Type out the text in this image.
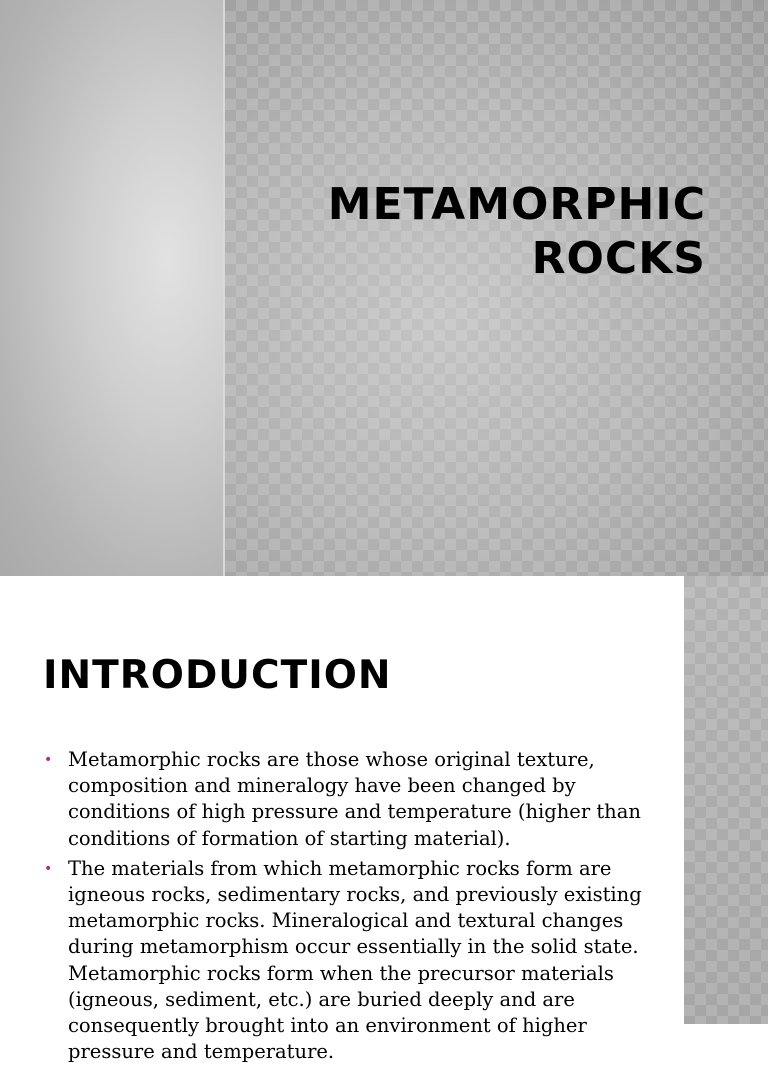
METAMORPHIC
ROCKS
INTRODUCTION
• Metamorphic rocks are those whose original texture, composition and mineralogy have been changed by conditions of high pressure and temperature (higher than conditions of formation of starting material).
• The materials from which metamorphic rocks form are igneous rocks, sedimentary rocks, and previously existing metamorphic rocks. Mineralogical and textural changes during metamorphism occur essentially in the solid state. Metamorphic rocks form when the precursor materials (igneous, sediment, etc.) are buried deeply and are consequently brought into an environment of higher pressure and temperature.
